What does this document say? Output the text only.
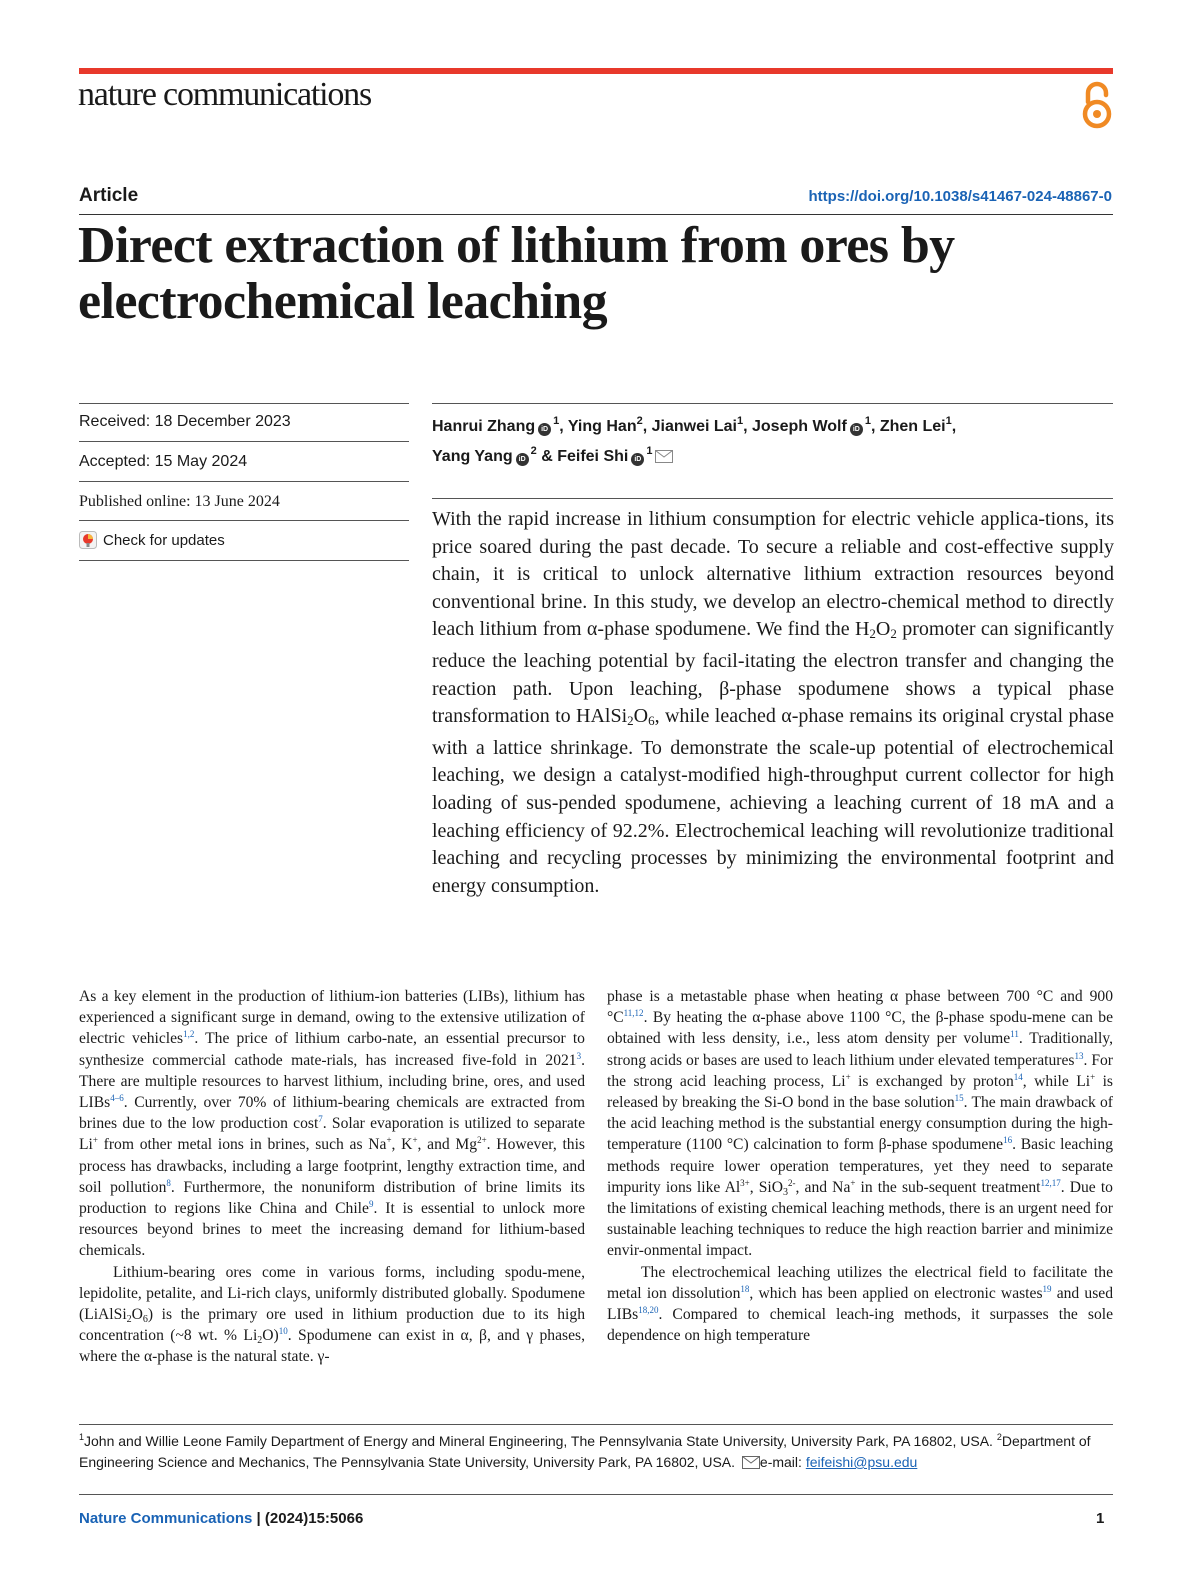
nature communications
Article	https://doi.org/10.1038/s41467-024-48867-0
Direct extraction of lithium from ores by electrochemical leaching
Received: 18 December 2023
Accepted: 15 May 2024
Published online: 13 June 2024
Check for updates
Hanrui Zhang iD$^1$, Ying Han$^2$, Jianwei Lai$^1$, Joseph Wolf iD$^1$, Zhen Lei$^1$,
Yang Yang iD$^2$ & Feifei Shi iD$^1$

With the rapid increase in lithium consumption for electric vehicle applica-tions, its price soared during the past decade. To secure a reliable and cost-effective supply chain, it is critical to unlock alternative lithium extraction resources beyond conventional brine. In this study, we develop an electro-chemical method to directly leach lithium from α-phase spodumene. We find the $H_2O_2$ promoter can significantly reduce the leaching potential by facil-itating the electron transfer and changing the reaction path. Upon leaching, β-phase spodumene shows a typical phase transformation to $HAlSi_2O_6$, while leached α-phase remains its original crystal phase with a lattice shrinkage. To demonstrate the scale-up potential of electrochemical leaching, we design a catalyst-modified high-throughput current collector for high loading of sus-pended spodumene, achieving a leaching current of 18 mA and a leaching efficiency of 92.2%. Electrochemical leaching will revolutionize traditional leaching and recycling processes by minimizing the environmental footprint and energy consumption.

As a key element in the production of lithium-ion batteries (LIBs), lithium has experienced a significant surge in demand, owing to the extensive utilization of electric vehicles$^{1,2}$. The price of lithium carbo-nate, an essential precursor to synthesize commercial cathode mate-rials, has increased five-fold in 2021$^3$. There are multiple resources to harvest lithium, including brine, ores, and used LIBs$^{4-6}$. Currently, over 70% of lithium-bearing chemicals are extracted from brines due to the low production cost$^7$. Solar evaporation is utilized to separate Li+ from other metal ions in brines, such as Na+, K+, and $Mg^{2+}$. However, this process has drawbacks, including a large footprint, lengthy extraction time, and soil pollution$^8$. Furthermore, the nonuniform distribution of brine limits its production to regions like China and Chile$^9$. It is essential to unlock more resources beyond brines to meet the increasing demand for lithium-based chemicals.

Lithium-bearing ores come in various forms, including spodu-mene, lepidolite, petalite, and Li-rich clays, uniformly distributed globally. Spodumene (LiAlSi2O6) is the primary ore used in lithium production due to its high concentration (~8 wt. % Li2O)$^{10}$. Spodumene can exist in α, β, and γ phases, where the α-phase is the natural state. γ-

phase is a metastable phase when heating α phase between 700 °C and 900 °C$^{11,12}$. By heating the α-phase above 1100 °C, the β-phase spodu-mene can be obtained with less density, i.e., less atom density per volume$^{11}$. Traditionally, strong acids or bases are used to leach lithium under elevated temperatures$^{13}$. For the strong acid leaching process, Li+ is exchanged by proton$^{14}$, while Li+ is released by breaking the Si-O bond in the base solution$^{15}$. The main drawback of the acid leaching method is the substantial energy consumption during the high-temperature (1100 °C) calcination to form β-phase spodumene$^{16}$. Basic leaching methods require lower operation temperatures, yet they need to separate impurity ions like $Al^{3+}$, $SiO3^{2-}$, and Na+ in the sub-sequent treatment$^{12,17}$. Due to the limitations of existing chemical leaching methods, there is an urgent need for sustainable leaching techniques to reduce the high reaction barrier and minimize envir-onmental impact.

The electrochemical leaching utilizes the electrical field to facilitate the metal ion dissolution$^{18}$, which has been applied on electronic wastes$^{19}$ and used LIBs$^{18,20}$. Compared to chemical leach-ing methods, it surpasses the sole dependence on high temperature

$^1$John and Willie Leone Family Department of Energy and Mineral Engineering, The Pennsylvania State University, University Park, PA 16802, USA. $^2$Department of Engineering Science and Mechanics, The Pennsylvania State University, University Park, PA 16802, USA. e-mail: feifeishi@psu.edu
Nature Communications | (2024)15:5066	1
